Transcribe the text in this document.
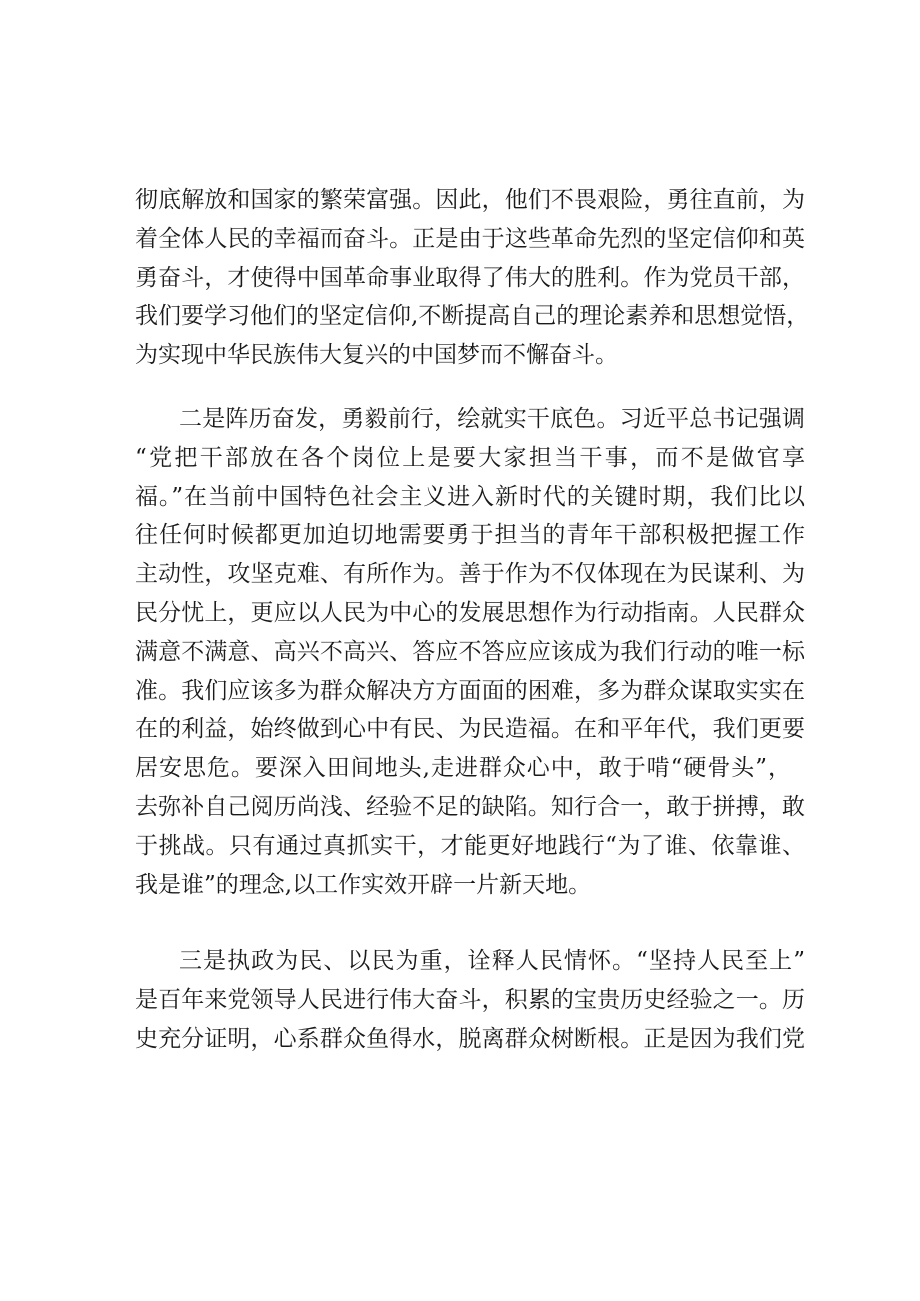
彻底解放和国家的繁荣富强。因此，他们不畏艰险，勇往直前，为
着全体人民的幸福而奋斗。正是由于这些革命先烈的坚定信仰和英
勇奋斗，才使得中国革命事业取得了伟大的胜利。作为党员干部，
我们要学习他们的坚定信仰,不断提高自己的理论素养和思想觉悟，
为实现中华民族伟大复兴的中国梦而不懈奋斗。
二是阵历奋发，勇毅前行，绘就实干底色。习近平总书记强调
“党把干部放在各个岗位上是要大家担当干事，而不是做官享
福。”在当前中国特色社会主义进入新时代的关键时期，我们比以
往任何时候都更加迫切地需要勇于担当的青年干部积极把握工作
主动性，攻坚克难、有所作为。善于作为不仅体现在为民谋利、为
民分忧上，更应以人民为中心的发展思想作为行动指南。人民群众
满意不满意、高兴不高兴、答应不答应应该成为我们行动的唯一标
准。我们应该多为群众解决方方面面的困难，多为群众谋取实实在
在的利益，始终做到心中有民、为民造福。在和平年代，我们更要
居安思危。要深入田间地头,走进群众心中，敢于啃“硬骨头”，
去弥补自己阅历尚浅、经验不足的缺陷。知行合一，敢于拼搏，敢
于挑战。只有通过真抓实干，才能更好地践行“为了谁、依靠谁、
我是谁”的理念,以工作实效开辟一片新天地。
三是执政为民、以民为重，诠释人民情怀。“坚持人民至上”
是百年来党领导人民进行伟大奋斗，积累的宝贵历史经验之一。历
史充分证明，心系群众鱼得水，脱离群众树断根。正是因为我们党
